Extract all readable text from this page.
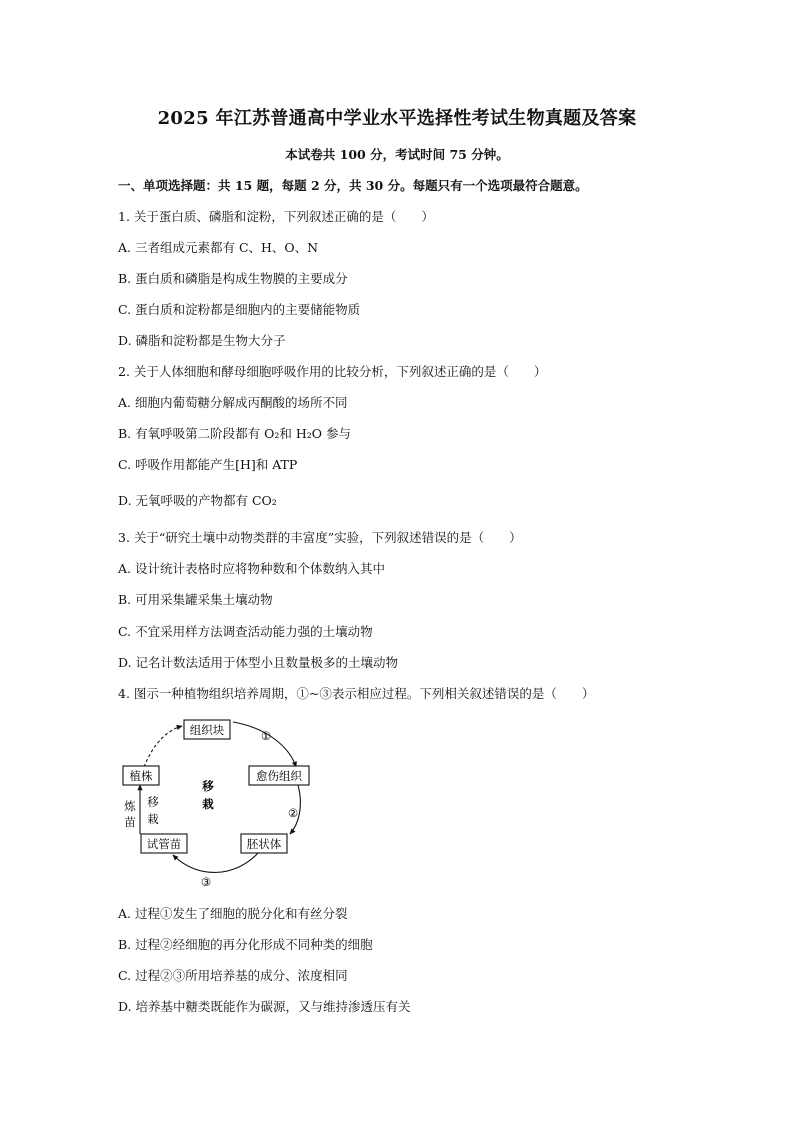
2025 年江苏普通高中学业水平选择性考试生物真题及答案
本试卷共 100 分，考试时间 75 分钟。
一、单项选择题：共 15 题，每题 2 分，共 30 分。每题只有一个选项最符合题意。
1. 关于蛋白质、磷脂和淀粉，下列叙述正确的是（　　）
A. 三者组成元素都有 C、H、O、N
B. 蛋白质和磷脂是构成生物膜的主要成分
C. 蛋白质和淀粉都是细胞内的主要储能物质
D. 磷脂和淀粉都是生物大分子
2. 关于人体细胞和酵母细胞呼吸作用的比较分析，下列叙述正确的是（　　）
A. 细胞内葡萄糖分解成丙酮酸的场所不同
B. 有氧呼吸第二阶段都有 O₂和 H₂O 参与
C. 呼吸作用都能产生[H]和 ATP
D. 无氧呼吸的产物都有 CO₂
3. 关于“研究土壤中动物类群的丰富度”实验，下列叙述错误的是（　　）
A. 设计统计表格时应将物种数和个体数纳入其中
B. 可用采集罐采集土壤动物
C. 不宜采用样方法调查活动能力强的土壤动物
D. 记名计数法适用于体型小且数量极多的土壤动物
4. 图示一种植物组织培养周期，①~③表示相应过程。下列相关叙述错误的是（　　）
组织块
愈伤组织
胚状体
试管苗
植株
①
②
③
移
栽
炼
苗
移
栽
A. 过程①发生了细胞的脱分化和有丝分裂
B. 过程②经细胞的再分化形成不同种类的细胞
C. 过程②③所用培养基的成分、浓度相同
D. 培养基中糖类既能作为碳源，又与维持渗透压有关
